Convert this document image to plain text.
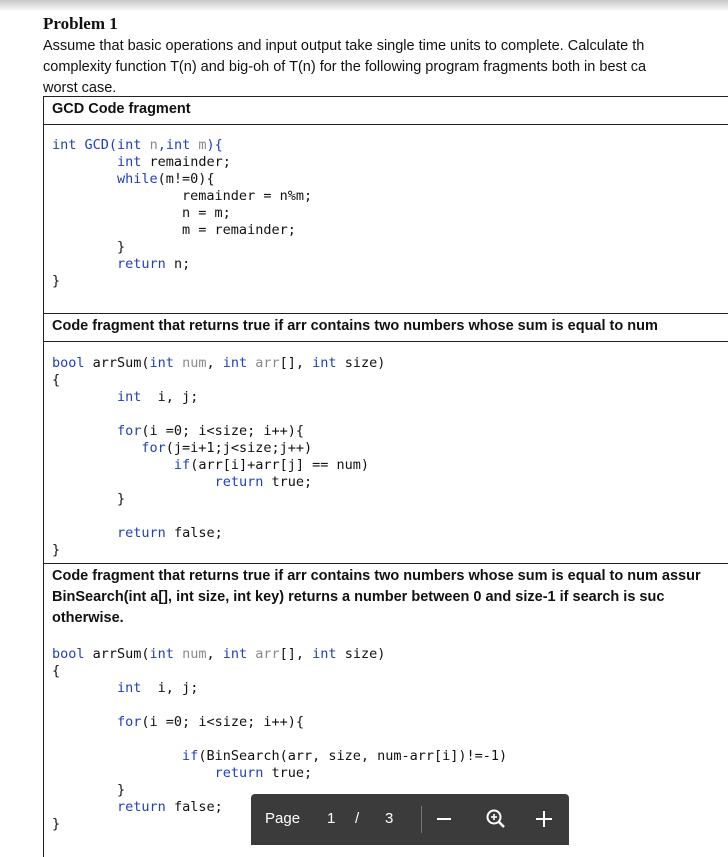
Problem 1
Assume that basic operations and input output take single time units to complete. Calculate th
complexity function T(n) and big-oh of T(n) for the following program fragments both in best ca
worst case.
GCD Code fragment
int GCD(int n,int m){
int remainder;
while(m!=0){
remainder = n%m;
n = m;
m = remainder;
}
return n;
}
Code fragment that returns true if arr contains two numbers whose sum is equal to num
bool arrSum(int num, int arr[], int size)
{
int  i, j;

for(i =0; i<size; i++){
for(j=i+1;j<size;j++)
if(arr[i]+arr[j] == num)
return true;
}

return false;
}
Code fragment that returns true if arr contains two numbers whose sum is equal to num assur
BinSearch(int a[], int size, int key) returns a number between 0 and size-1 if search is suc
otherwise.
bool arrSum(int num, int arr[], int size)
{
int  i, j;

for(i =0; i<size; i++){

if(BinSearch(arr, size, num-arr[i])!=-1)
return true;
}
return false;
}	Page 1 / 3
